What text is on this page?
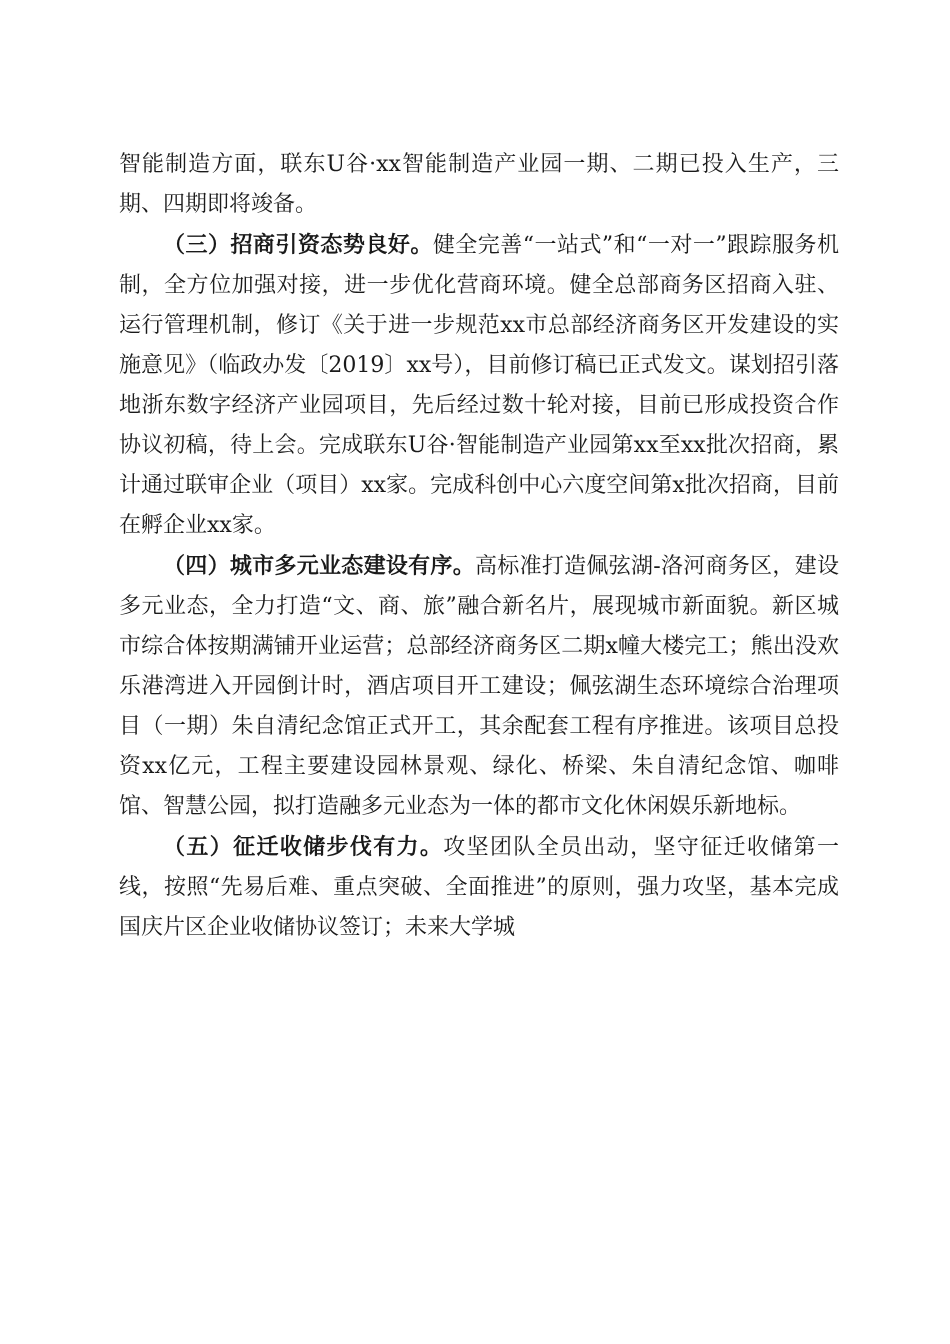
智能制造方面，联东U谷·xx智能制造产业园一期、二期已投入生产，三期、四期即将竣备。

（三）招商引资态势良好。健全完善“一站式”和“一对一”跟踪服务机制，全方位加强对接，进一步优化营商环境。健全总部商务区招商入驻、运行管理机制，修订《关于进一步规范xx市总部经济商务区开发建设的实施意见》（临政办发〔2019〕xx号），目前修订稿已正式发文。谋划招引落地浙东数字经济产业园项目，先后经过数十轮对接，目前已形成投资合作协议初稿，待上会。完成联东U谷·智能制造产业园第xx至xx批次招商，累计通过联审企业（项目）xx家。完成科创中心六度空间第x批次招商，目前在孵企业xx家。

（四）城市多元业态建设有序。高标准打造佩弦湖-洛河商务区，建设多元业态，全力打造“文、商、旅”融合新名片，展现城市新面貌。新区城市综合体按期满铺开业运营；总部经济商务区二期x幢大楼完工；熊出没欢乐港湾进入开园倒计时，酒店项目开工建设；佩弦湖生态环境综合治理项目（一期）朱自清纪念馆正式开工，其余配套工程有序推进。该项目总投资xx亿元，工程主要建设园林景观、绿化、桥梁、朱自清纪念馆、咖啡馆、智慧公园，拟打造融多元业态为一体的都市文化休闲娱乐新地标。

（五）征迁收储步伐有力。攻坚团队全员出动，坚守征迁收储第一线，按照“先易后难、重点突破、全面推进”的原则，强力攻坚，基本完成国庆片区企业收储协议签订；未来大学城
